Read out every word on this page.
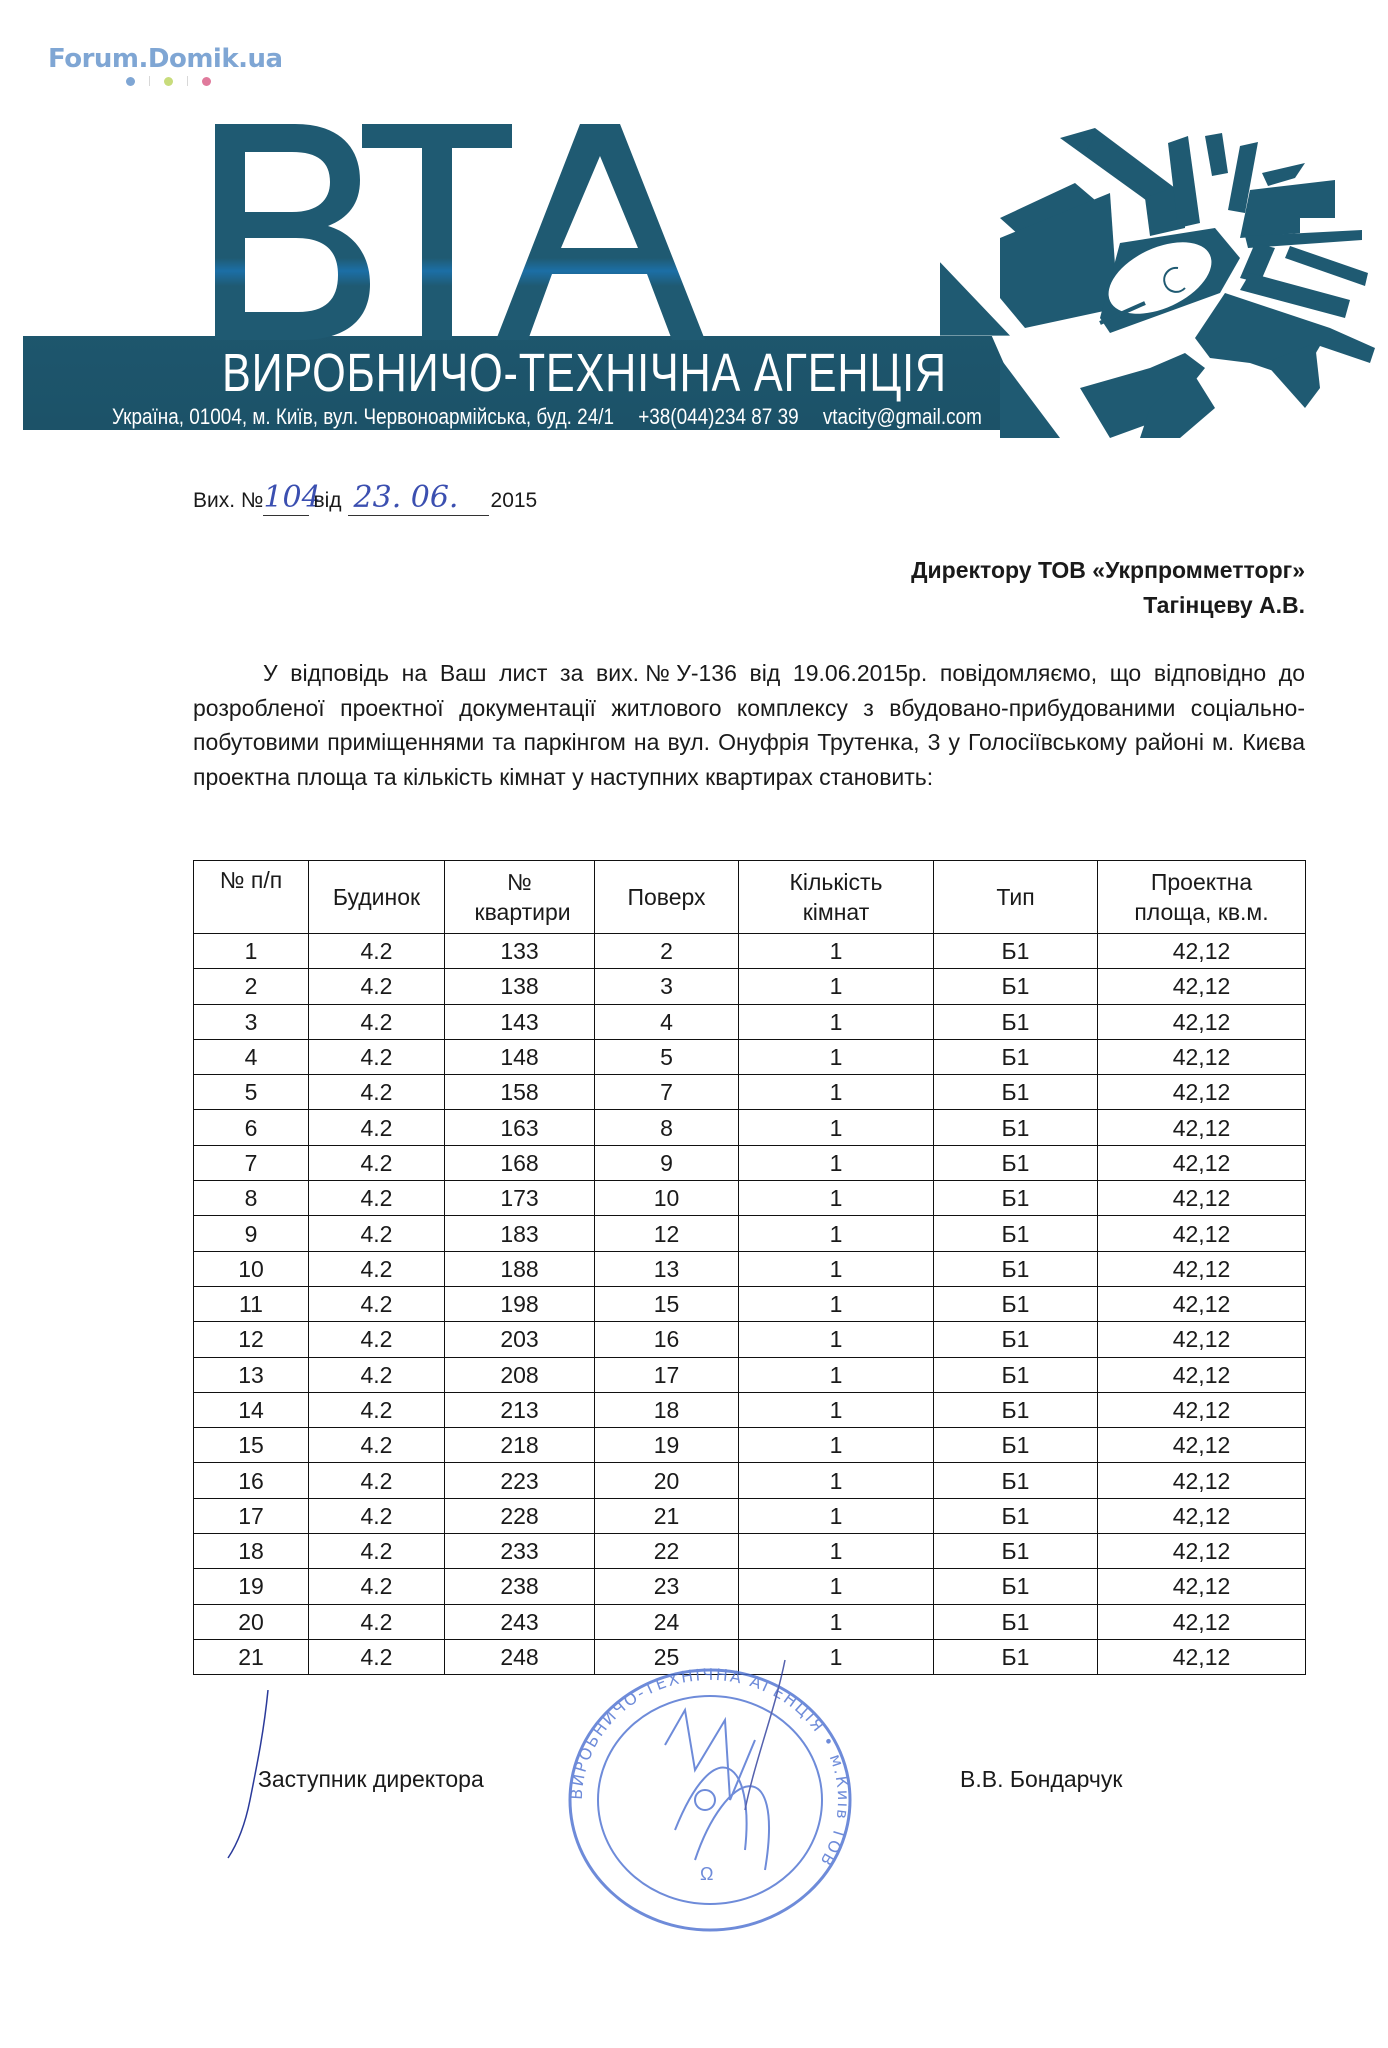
Forum.Domik.ua
ВИРОБНИЧО-ТЕХНІЧНА АГЕНЦІЯ
Україна, 01004, м. Київ, вул. Червоноармійська, буд. 24/1 +38(044)234 87 39 vtacity@gmail.com
Вих. № 104
від 23. 06.	2015
Директору ТОВ «Укрпромметторг»
Тагінцеву А.В.
У відповідь на Ваш лист за вих.№У-136 від 19.06.2015р. повідомляємо, що відповідно до розробленої проектної документації житлового комплексу з вбудовано-прибудованими соціально-побутовими приміщеннями та паркінгом на вул. Онуфрія Трутенка, 3 у Голосіївському районі м. Києва проектна площа та кількість кімнат у наступних квартирах становить:
№ п/п	Будинок	№ квартири	Поверх	Кількість кімнат	Тип	Проектна площа, кв.м.
1	4.2	133	2	1	Б1	42,12
2	4.2	138	3	1	Б1	42,12
3	4.2	143	4	1	Б1	42,12
4	4.2	148	5	1	Б1	42,12
5	4.2	158	7	1	Б1	42,12
6	4.2	163	8	1	Б1	42,12
7	4.2	168	9	1	Б1	42,12
8	4.2	173	10	1	Б1	42,12
9	4.2	183	12	1	Б1	42,12
10	4.2	188	13	1	Б1	42,12
11	4.2	198	15	1	Б1	42,12
12	4.2	203	16	1	Б1	42,12
13	4.2	208	17	1	Б1	42,12
14	4.2	213	18	1	Б1	42,12
15	4.2	218	19	1	Б1	42,12
16	4.2	223	20	1	Б1	42,12
17	4.2	228	21	1	Б1	42,12
18	4.2	233	22	1	Б1	42,12
19	4.2	238	23	1	Б1	42,12
20	4.2	243	24	1	Б1	42,12
21	4.2	248	25	1	Б1	42,12
Заступник директора	В.В. Бондарчук
ВИРОБНИЧО-ТЕХНІЧНА АГЕНЦІЯ • м.Київ ТОВ
Ω
